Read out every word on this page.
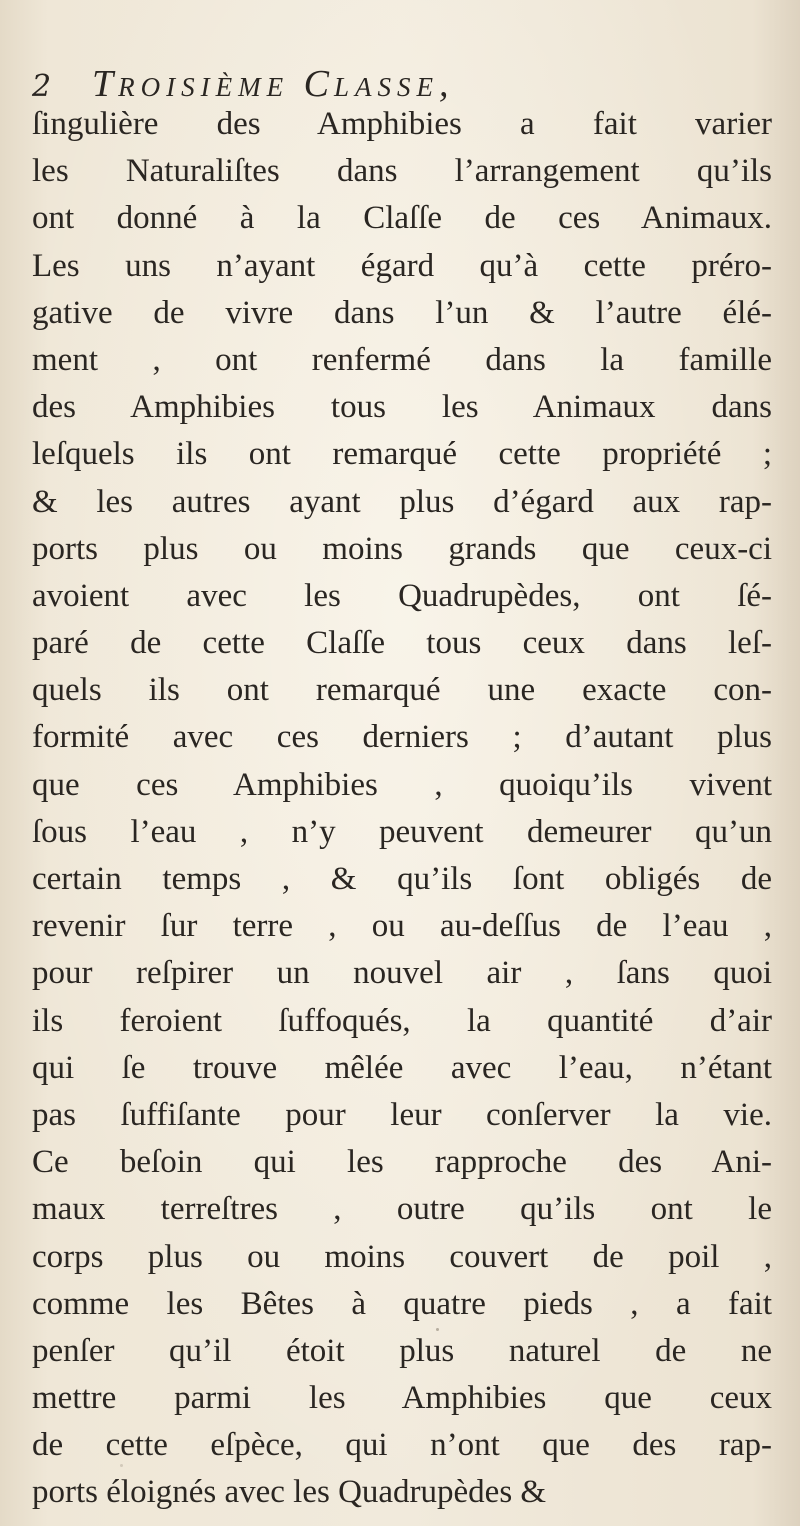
2	TROISIÈME CLASSE,
ſingulière des Amphibies a fait varier
les Naturaliſtes dans l’arrangement qu’ils
ont donné à la Claſſe de ces Animaux.
Les uns n’ayant égard qu’à cette préro-
gative de vivre dans l’un & l’autre élé-
ment , ont renfermé dans la famille
des Amphibies tous les Animaux dans
leſquels ils ont remarqué cette propriété ;
& les autres ayant plus d’égard aux rap-
ports plus ou moins grands que ceux-ci
avoient avec les Quadrupèdes, ont ſé-
paré de cette Claſſe tous ceux dans leſ-
quels ils ont remarqué une exacte con-
formité avec ces derniers ; d’autant plus
que ces Amphibies , quoiqu’ils vivent
ſous l’eau , n’y peuvent demeurer qu’un
certain temps , & qu’ils ſont obligés de
revenir ſur terre , ou au-deſſus de l’eau ,
pour reſpirer un nouvel air , ſans quoi
ils feroient ſuffoqués, la quantité d’air
qui ſe trouve mêlée avec l’eau, n’étant
pas ſuffiſante pour leur conſerver la vie.
Ce beſoin qui les rapproche des Ani-
maux terreſtres , outre qu’ils ont le
corps plus ou moins couvert de poil ,
comme les Bêtes à quatre pieds , a fait
penſer qu’il étoit plus naturel de ne
mettre parmi les Amphibies que ceux
de cette eſpèce, qui n’ont que des rap-
ports éloignés avec les Quadrupèdes &
